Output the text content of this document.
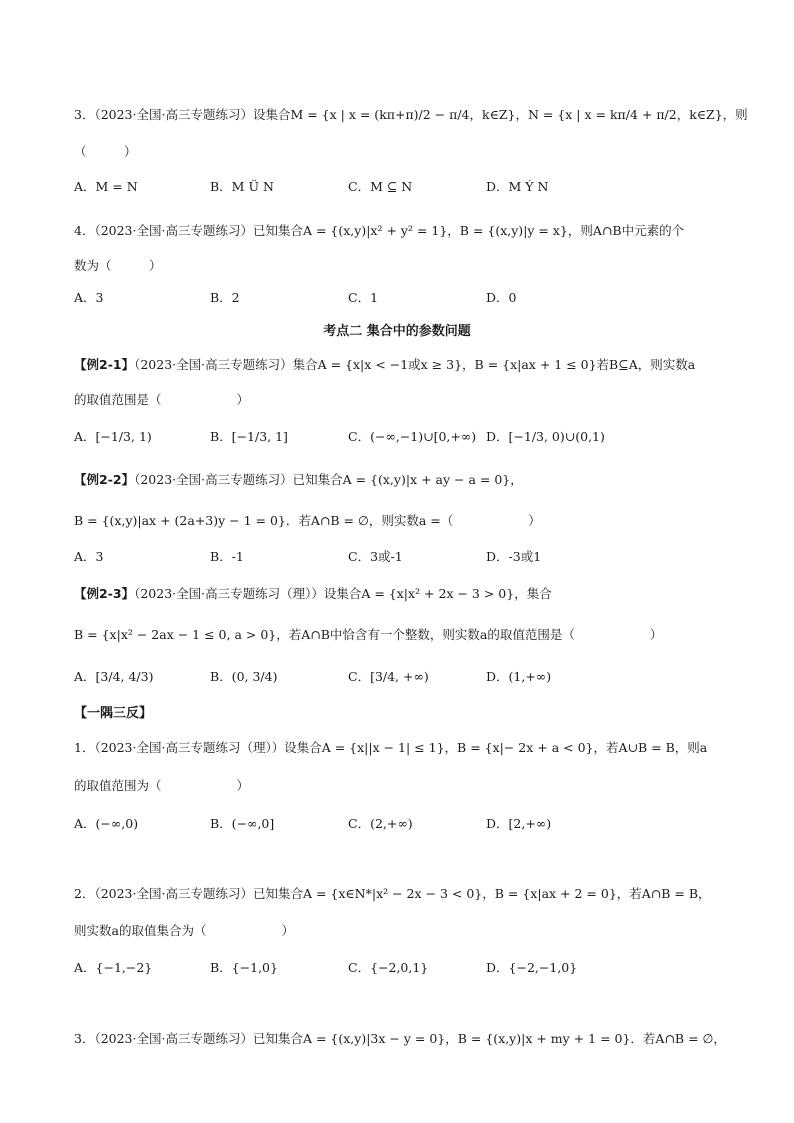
3．（2023·全国·高三专题练习）设集合M = {x | x = (kπ+π)/2 − π/4，k∈Z}，N = {x | x = kπ/4 + π/2，k∈Z}，则
（　　　）
A．M = N	B．M Ü N	C．M ⊆ N	D．M Ý N
4．（2023·全国·高三专题练习）已知集合A = {(x,y)|x² + y² = 1}，B = {(x,y)|y = x}，则A∩B中元素的个
数为（　　　）
A．3	B．2	C．1	D．0
考点二 集合中的参数问题
【例2-1】（2023·全国·高三专题练习）集合A = {x|x < −1或x ≥ 3}，B = {x|ax + 1 ≤ 0}若B⊆A，则实数a
的取值范围是（　　　　　　）
A．[−1/3, 1)	B．[−1/3, 1]	C．(−∞,−1)∪[0,+∞) D．[−1/3, 0)∪(0,1)
【例2-2】（2023·全国·高三专题练习）已知集合A = {(x,y)|x + ay − a = 0}，
B = {(x,y)|ax + (2a+3)y − 1 = 0}．若A∩B = ∅，则实数a =（　　　　　　）
A．3	B．-1	C．3或-1	D．-3或1
【例2-3】（2023·全国·高三专题练习（理））设集合A = {x|x² + 2x − 3 > 0}，集合
B = {x|x² − 2ax − 1 ≤ 0, a > 0}，若A∩B中恰含有一个整数，则实数a的取值范围是（　　　　　　）
A．[3/4, 4/3)	B．(0, 3/4)	C．[3/4, +∞)	D．(1,+∞)
【一隅三反】
1．（2023·全国·高三专题练习（理））设集合A = {x||x − 1| ≤ 1}，B = {x|− 2x + a < 0}，若A∪B = B，则a
的取值范围为（　　　　　　）
A．(−∞,0)	B．(−∞,0]	C．(2,+∞)	D．[2,+∞)
2．（2023·全国·高三专题练习）已知集合A = {x∈N*|x² − 2x − 3 < 0}，B = {x|ax + 2 = 0}，若A∩B = B，
则实数a的取值集合为（　　　　　　）
A．{−1,−2}	B．{−1,0}	C．{−2,0,1}	D．{−2,−1,0}
3．（2023·全国·高三专题练习）已知集合A = {(x,y)|3x − y = 0}，B = {(x,y)|x + my + 1 = 0}．若A∩B = ∅，
